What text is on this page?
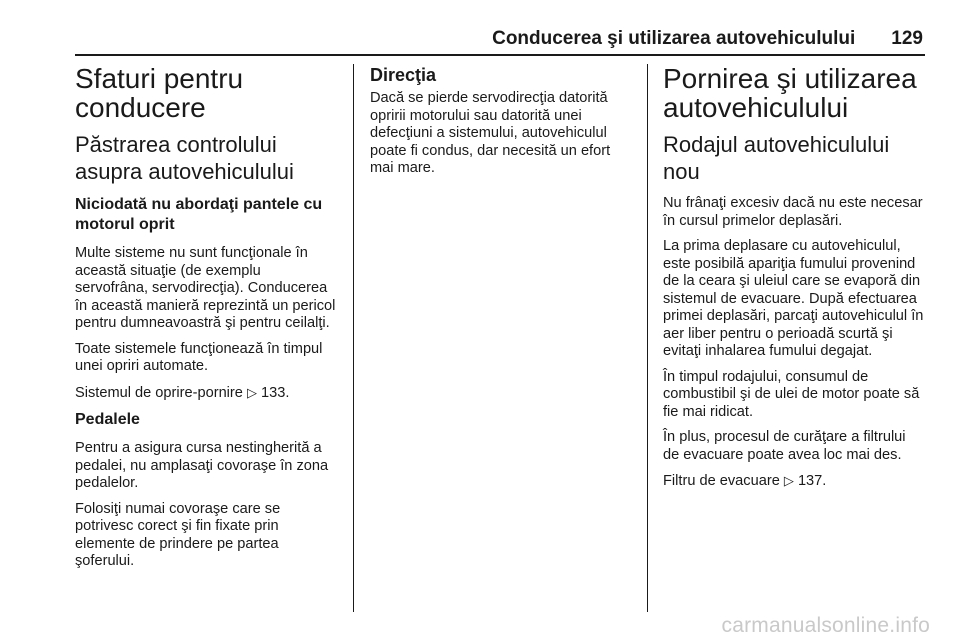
Conducerea şi utilizarea autovehiculului 129
Sfaturi pentru conducere
Păstrarea controlului asupra autovehiculului
Niciodată nu abordaţi pantele cu motorul oprit

Multe sisteme nu sunt funcţionale în această situaţie (de exemplu servofrâna, servodirecţia). Conducerea în această manieră reprezintă un pericol pentru dumneavoastră şi pentru ceilalţi.

Toate sistemele funcţionează în timpul unei opriri automate.

Sistemul de oprire-pornire ▷ 133.

Pedalele

Pentru a asigura cursa nestingherită a pedalei, nu amplasaţi covoraşe în zona pedalelor.

Folosiţi numai covoraşe care se potrivesc corect şi fin fixate prin elemente de prindere pe partea şoferului.

Direcţia

Dacă se pierde servodirecţia datorită opririi motorului sau datorită unei defecţiuni a sistemului, autovehiculul poate fi condus, dar necesită un efort mai mare.

Pornirea şi utilizarea autovehiculului
Rodajul autovehiculului nou

Nu frânaţi excesiv dacă nu este necesar în cursul primelor deplasări.

La prima deplasare cu autovehiculul, este posibilă apariţia fumului provenind de la ceara şi uleiul care se evaporă din sistemul de evacuare. După efectuarea primei deplasări, parcaţi autovehiculul în aer liber pentru o perioadă scurtă şi evitaţi inhalarea fumului degajat.

În timpul rodajului, consumul de combustibil şi de ulei de motor poate să fie mai ridicat.

În plus, procesul de curăţare a filtrului de evacuare poate avea loc mai des.

Filtru de evacuare ▷ 137.

carmanualsonline.info
